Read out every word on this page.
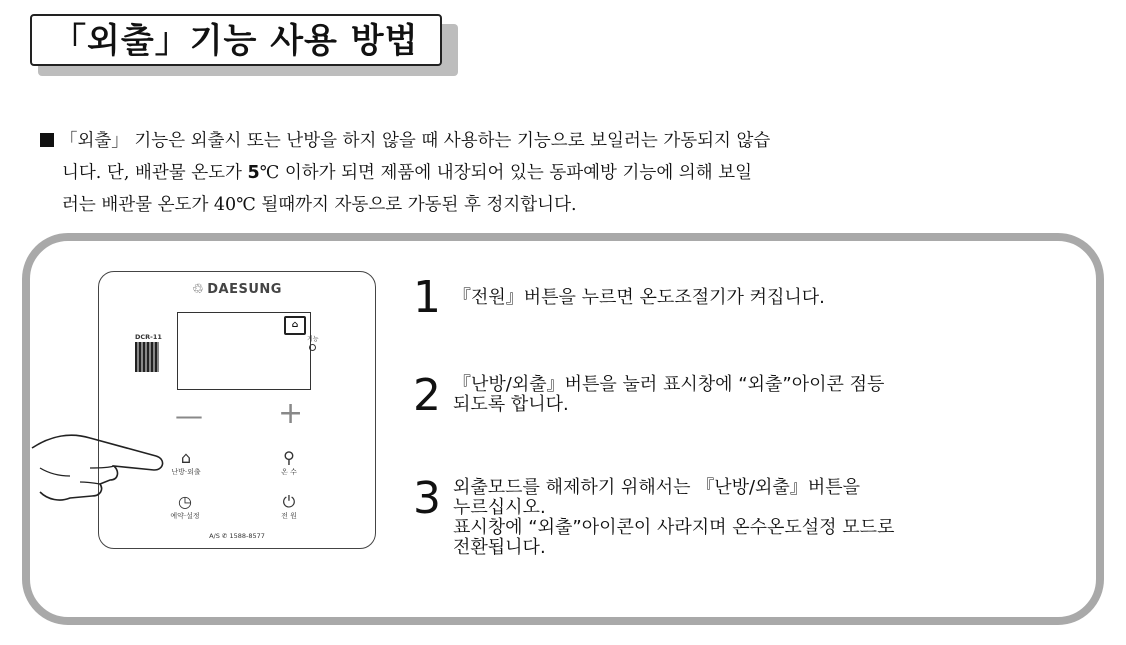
「외출」기능 사용 방법
「외출」 기능은 외출시 또는 난방을 하지 않을 때 사용하는 기능으로 보일러는 가동되지 않습
니다. 단, 배관물 온도가 5℃ 이하가 되면 제품에 내장되어 있는 동파예방 기능에 의해 보일
러는 배관물 온도가 40℃ 될때까지 자동으로 가동된 후 정지합니다.
♲ DAESUNG
DCR-11
⌂
기능
—	+
⌂
난방·외출
⚲
온 수
◷
예약·설정
⏻
전 원
A/S ✆ 1588-8577
1 『전원』버튼을 누르면 온도조절기가 켜집니다.
2 『난방/외출』버튼을 눌러 표시창에 “외출”아이콘 점등
되도록 합니다.
3 외출모드를 해제하기 위해서는 『난방/외출』버튼을
누르십시오.
표시창에 “외출”아이콘이 사라지며 온수온도설정 모드로
전환됩니다.
